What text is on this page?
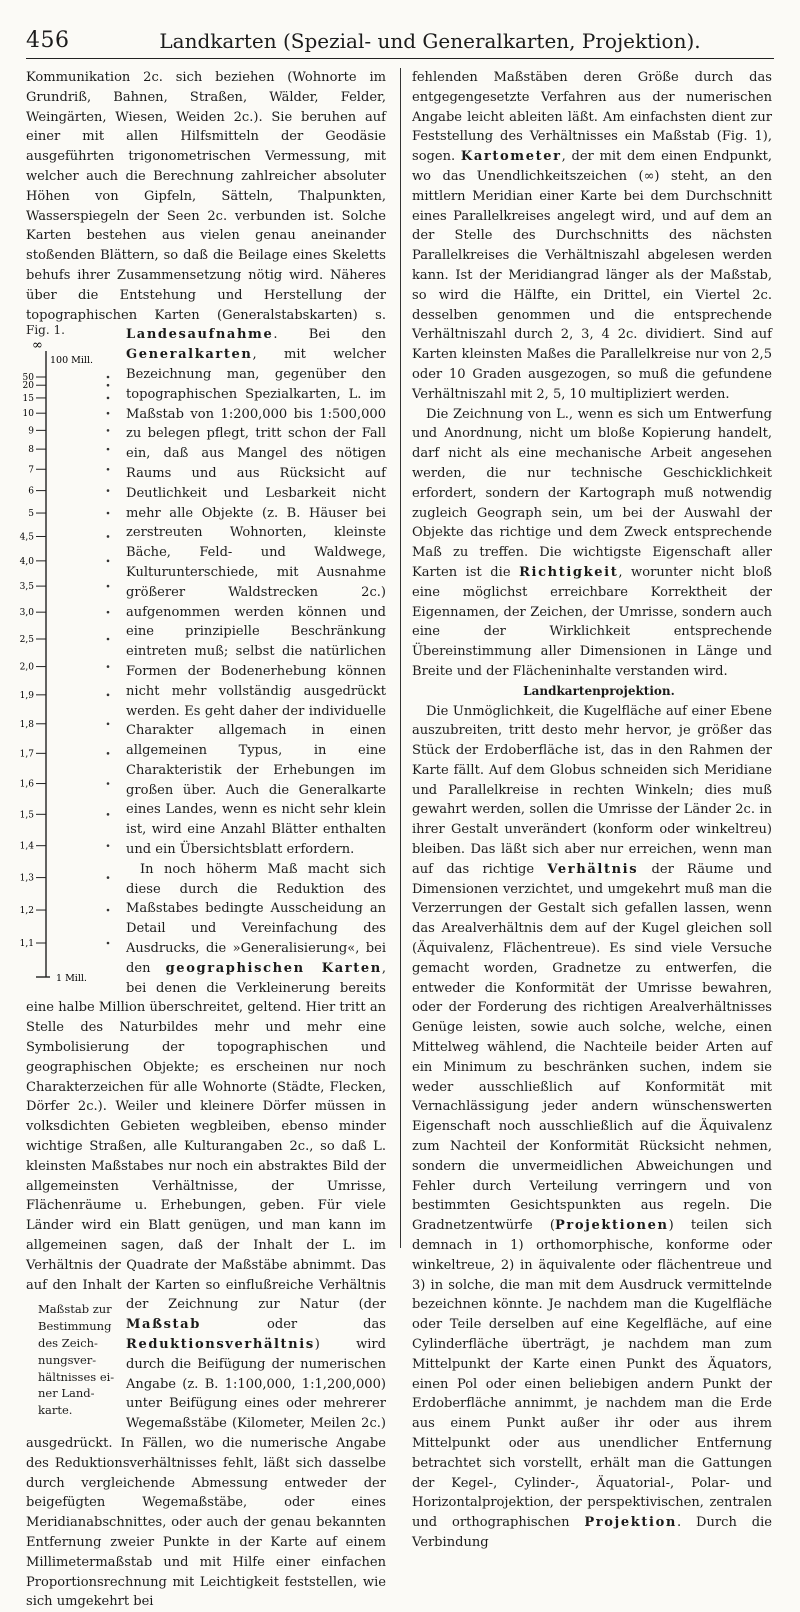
456	Landkarten (Spezial- und Generalkarten, Projektion).

Kommunikation 2c. sich beziehen (Wohnorte im Grundriß, Bahnen, Straßen, Wälder, Felder, Weingärten, Wiesen, Weiden 2c.). Sie beruhen auf einer mit allen Hilfsmitteln der Geodäsie ausgeführten trigonometrischen Vermessung, mit welcher auch die Berechnung zahlreicher absoluter Höhen von Gipfeln, Sätteln, Thalpunkten, Wasserspiegeln der Seen 2c. verbunden ist. Solche Karten bestehen aus vielen genau aneinander stoßenden Blättern, so daß die Beilage eines Skeletts behufs ihrer Zusammensetzung nötig wird. Näheres über die Entstehung und Herstellung der topographischen Karten (Generalstabskarten) s.
Fig. 1.
∞
100 Mill.
50
20
15
10
9
8
7
6
5
4,5
4,0
3,5
3,0
2,5
2,0
1,9
1,8
1,7
1,6
1,5
1,4
1,3
1,2
1,1
1 Mill.
Landesaufnahme. Bei den Generalkarten, mit welcher Bezeichnung man, gegenüber den topographischen Spezialkarten, L. im Maßstab von 1:200,000 bis 1:500,000 zu belegen pflegt, tritt schon der Fall ein, daß aus Mangel des nötigen Raums und aus Rücksicht auf Deutlichkeit und Lesbarkeit nicht mehr alle Objekte (z. B. Häuser bei zerstreuten Wohnorten, kleinste Bäche, Feld- und Waldwege, Kulturunterschiede, mit Ausnahme größerer Waldstrecken 2c.) aufgenommen werden können und eine prinzipielle Beschränkung eintreten muß; selbst die natürlichen Formen der Bodenerhebung können nicht mehr vollständig ausgedrückt werden. Es geht daher der individuelle Charakter allgemach in einen allgemeinen Typus, in eine Charakteristik der Erhebungen im großen über. Auch die Generalkarte eines Landes, wenn es nicht sehr klein ist, wird eine Anzahl Blätter enthalten und ein Übersichtsblatt erfordern.

In noch höherm Maß macht sich diese durch die Reduktion des Maßstabes bedingte Ausscheidung an Detail und Vereinfachung des Ausdrucks, die »Generalisierung«, bei den geographischen Karten, bei denen die Verkleinerung bereits eine halbe Million überschreitet, geltend. Hier tritt an Stelle des Naturbildes mehr und mehr eine Symbolisierung der topographischen und geographischen Objekte; es erscheinen nur noch Charakterzeichen für alle Wohnorte (Städte, Flecken, Dörfer 2c.). Weiler und kleinere Dörfer müssen in volksdichten Gebieten wegbleiben, ebenso minder wichtige Straßen, alle Kulturangaben 2c., so daß L. kleinsten Maßstabes nur noch ein abstraktes Bild der allgemeinsten Verhältnisse, der Umrisse, Flächenräume u. Erhebungen, geben. Für viele Länder wird ein Blatt genügen, und man kann im allgemeinen sagen, daß der Inhalt der L. im Verhältnis der Quadrate der Maßstäbe abnimmt. Das auf den Inhalt der Karten so einflußreiche Verhältnis der Zeichnung zur Natur (der
Maßstab zur
Bestimmung
des Zeich-
nungsver-
hältnisses ei-
ner Land-
karte.
Maßstab	oder das Reduktionsverhältnis) wird durch die Beifügung der numerischen Angabe (z. B. 1:100,000, 1:1,200,000) unter Beifügung eines oder mehrerer Wegemaßstäbe (Kilometer, Meilen 2c.) ausgedrückt. In Fällen, wo die numerische Angabe des Reduktionsverhältnisses fehlt, läßt sich dasselbe durch vergleichende Abmessung entweder der beigefügten Wegemaßstäbe, oder eines Meridianabschnittes, oder auch der genau bekannten Entfernung zweier Punkte in der Karte auf einem Millimetermaßstab und mit Hilfe einer einfachen Proportionsrechnung mit Leichtigkeit feststellen, wie sich umgekehrt bei

fehlenden Maßstäben deren Größe durch das entgegengesetzte Verfahren aus der numerischen Angabe leicht ableiten läßt. Am einfachsten dient zur Feststellung des Verhältnisses ein Maßstab (Fig. 1), sogen. Kartometer, der mit dem einen Endpunkt, wo das Unendlichkeitszeichen (∞) steht, an den mittlern Meridian einer Karte bei dem Durchschnitt eines Parallelkreises angelegt wird, und auf dem an der Stelle des Durchschnitts des nächsten Parallelkreises die Verhältniszahl abgelesen werden kann. Ist der Meridiangrad länger als der Maßstab, so wird die Hälfte, ein Drittel, ein Viertel 2c. desselben genommen und die entsprechende Verhältniszahl durch 2, 3, 4 2c. dividiert. Sind auf Karten kleinsten Maßes die Parallelkreise nur von 2,5 oder 10 Graden ausgezogen, so muß die gefundene Verhältniszahl mit 2, 5, 10 multipliziert werden.

Die Zeichnung von L., wenn es sich um Entwerfung und Anordnung, nicht um bloße Kopierung handelt, darf nicht als eine mechanische Arbeit angesehen werden, die nur technische Geschicklichkeit erfordert, sondern der Kartograph muß notwendig zugleich Geograph sein, um bei der Auswahl der Objekte das richtige und dem Zweck entsprechende Maß zu treffen. Die wichtigste Eigenschaft aller Karten ist die Richtigkeit, worunter nicht bloß eine möglichst erreichbare Korrektheit der Eigennamen, der Zeichen, der Umrisse, sondern auch eine der Wirklichkeit entsprechende Übereinstimmung aller Dimensionen in Länge und Breite und der Flächeninhalte verstanden wird.

Landkartenprojektion.

Die Unmöglichkeit, die Kugelfläche auf einer Ebene auszubreiten, tritt desto mehr hervor, je größer das Stück der Erdoberfläche ist, das in den Rahmen der Karte fällt. Auf dem Globus schneiden sich Meridiane und Parallelkreise in rechten Winkeln; dies muß gewahrt werden, sollen die Umrisse der Länder 2c. in ihrer Gestalt unverändert (konform oder winkeltreu) bleiben. Das läßt sich aber nur erreichen, wenn man auf das richtige Verhältnis der Räume und Dimensionen verzichtet, und umgekehrt muß man die Verzerrungen der Gestalt sich gefallen lassen, wenn das Arealverhältnis dem auf der Kugel gleichen soll (Äquivalenz, Flächentreue). Es sind viele Versuche gemacht worden, Gradnetze zu entwerfen, die entweder die Konformität der Umrisse bewahren, oder der Forderung des richtigen Arealverhältnisses Genüge leisten, sowie auch solche, welche, einen Mittelweg wählend, die Nachteile beider Arten auf ein Minimum zu beschränken suchen, indem sie weder ausschließlich auf Konformität mit Vernachlässigung jeder andern wünschenswerten Eigenschaft noch ausschließlich auf die Äquivalenz zum Nachteil der Konformität Rücksicht nehmen, sondern die unvermeidlichen Abweichungen und Fehler durch Verteilung verringern und von bestimmten Gesichtspunkten aus regeln. Die Gradnetzentwürfe (Projektionen) teilen sich demnach in 1) orthomorphische, konforme oder winkeltreue, 2) in äquivalente oder flächentreue und 3) in solche, die man mit dem Ausdruck vermittelnde bezeichnen könnte. Je nachdem man die Kugelfläche oder Teile derselben auf eine Kegelfläche, auf eine Cylinderfläche überträgt, je nachdem man zum Mittelpunkt der Karte einen Punkt des Äquators, einen Pol oder einen beliebigen andern Punkt der Erdoberfläche annimmt, je nachdem man die Erde aus einem Punkt außer ihr oder aus ihrem Mittelpunkt oder aus unendlicher Entfernung betrachtet sich vorstellt, erhält man die Gattungen der Kegel-, Cylinder-, Äquatorial-, Polar- und Horizontalprojektion, der perspektivischen, zentralen und orthographischen Projektion. Durch die Verbindung
